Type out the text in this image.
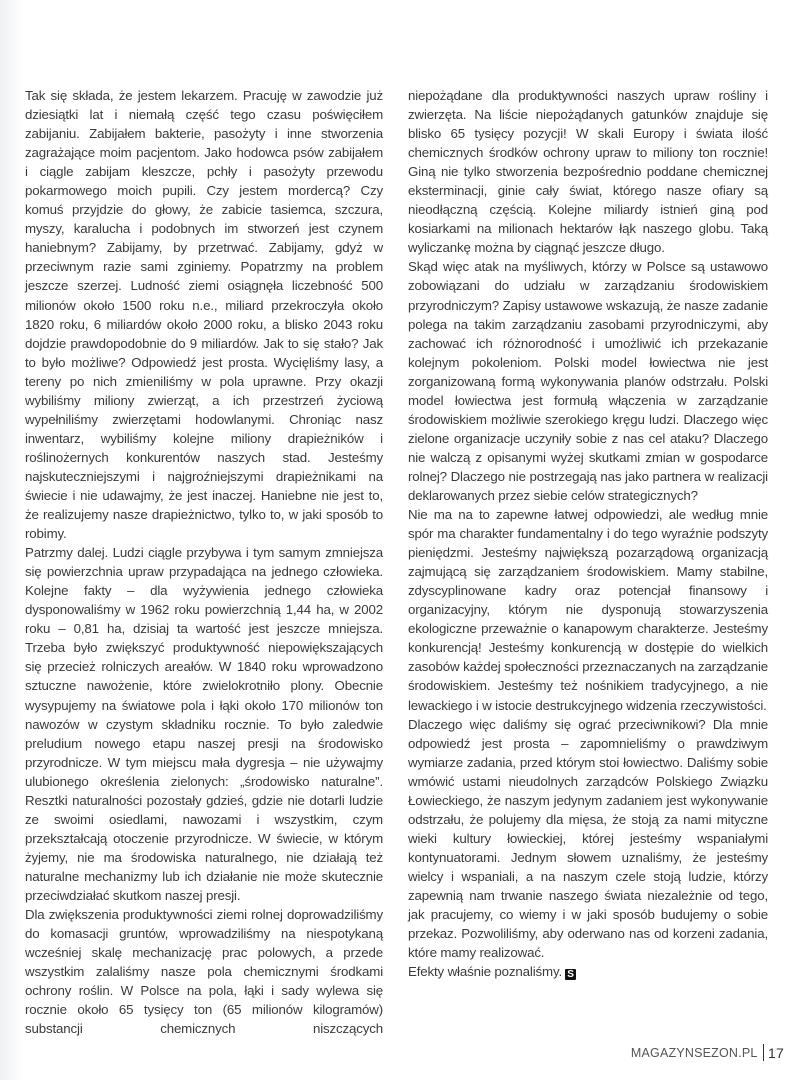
Tak się składa, że jestem lekarzem. Pracuję w zawodzie już dziesiątki lat i niemałą część tego czasu poświęciłem zabijaniu. Zabijałem bakterie, pasożyty i inne stworzenia zagrażające moim pacjentom. Jako hodowca psów zabijałem i ciągle zabijam kleszcze, pchły i pasożyty przewodu pokarmowego moich pupili. Czy jestem mordercą? Czy komuś przyjdzie do głowy, że zabicie tasiemca, szczura, myszy, karalucha i podobnych im stworzeń jest czynem haniebnym? Zabijamy, by przetrwać. Zabijamy, gdyż w przeciwnym razie sami zginiemy. Popatrzmy na problem jeszcze szerzej. Ludność ziemi osiągnęła liczebność 500 milionów około 1500 roku n.e., miliard przekroczyła około 1820 roku, 6 miliardów około 2000 roku, a blisko 2043 roku dojdzie prawdopodobnie do 9 miliardów. Jak to się stało? Jak to było możliwe? Odpowiedź jest prosta. Wycięliśmy lasy, a tereny po nich zmieniliśmy w pola uprawne. Przy okazji wybiliśmy miliony zwierząt, a ich przestrzeń życiową wypełniliśmy zwierzętami hodowlanymi. Chroniąc nasz inwentarz, wybiliśmy kolejne miliony drapieżników i roślinożernych konkurentów naszych stad. Jesteśmy najskuteczniejszymi i najgroźniejszymi drapieżnikami na świecie i nie udawajmy, że jest inaczej. Haniebne nie jest to, że realizujemy nasze drapieżnictwo, tylko to, w jaki sposób to robimy.

Patrzmy dalej. Ludzi ciągle przybywa i tym samym zmniejsza się powierzchnia upraw przypadająca na jednego człowieka. Kolejne fakty – dla wyżywienia jednego człowieka dysponowaliśmy w 1962 roku powierzchnią 1,44 ha, w 2002 roku – 0,81 ha, dzisiaj ta wartość jest jeszcze mniejsza. Trzeba było zwiększyć produktywność niepowiększających się przecież rolniczych areałów. W 1840 roku wprowadzono sztuczne nawożenie, które zwielokrotniło plony. Obecnie wysypujemy na światowe pola i łąki około 170 milionów ton nawozów w czystym składniku rocznie. To było zaledwie preludium nowego etapu naszej presji na środowisko przyrodnicze. W tym miejscu mała dygresja – nie używajmy ulubionego określenia zielonych: „środowisko naturalne”. Resztki naturalności pozostały gdzieś, gdzie nie dotarli ludzie ze swoimi osiedlami, nawozami i wszystkim, czym przekształcają otoczenie przyrodnicze. W świecie, w którym żyjemy, nie ma środowiska naturalnego, nie działają też naturalne mechanizmy lub ich działanie nie może skutecznie przeciwdziałać skutkom naszej presji.

Dla zwiększenia produktywności ziemi rolnej doprowadziliśmy do komasacji gruntów, wprowadziliśmy na niespotykaną wcześniej skalę mechanizację prac polowych, a przede wszystkim zalaliśmy nasze pola chemicznymi środkami ochrony roślin. W Polsce na pola, łąki i sady wylewa się rocznie około 65 tysięcy ton (65 milionów kilogramów) substancji chemicznych niszczących

niepożądane dla produktywności naszych upraw rośliny i zwierzęta. Na liście niepożądanych gatunków znajduje się blisko 65 tysięcy pozycji! W skali Europy i świata ilość chemicznych środków ochrony upraw to miliony ton rocznie! Giną nie tylko stworzenia bezpośrednio poddane chemicznej eksterminacji, ginie cały świat, którego nasze ofiary są nieodłączną częścią. Kolejne miliardy istnień giną pod kosiarkami na milionach hektarów łąk naszego globu. Taką wyliczankę można by ciągnąć jeszcze długo.

Skąd więc atak na myśliwych, którzy w Polsce są ustawowo zobowiązani do udziału w zarządzaniu środowiskiem przyrodniczym? Zapisy ustawowe wskazują, że nasze zadanie polega na takim zarządzaniu zasobami przyrodniczymi, aby zachować ich różnorodność i umożliwić ich przekazanie kolejnym pokoleniom. Polski model łowiectwa nie jest zorganizowaną formą wykonywania planów odstrzału. Polski model łowiectwa jest formułą włączenia w zarządzanie środowiskiem możliwie szerokiego kręgu ludzi. Dlaczego więc zielone organizacje uczyniły sobie z nas cel ataku? Dlaczego nie walczą z opisanymi wyżej skutkami zmian w gospodarce rolnej? Dlaczego nie postrzegają nas jako partnera w realizacji deklarowanych przez siebie celów strategicznych?

Nie ma na to zapewne łatwej odpowiedzi, ale według mnie spór ma charakter fundamentalny i do tego wyraźnie podszyty pieniędzmi. Jesteśmy największą pozarządową organizacją zajmującą się zarządzaniem środowiskiem. Mamy stabilne, zdyscyplinowane kadry oraz potencjał finansowy i organizacyjny, którym nie dysponują stowarzyszenia ekologiczne przeważnie o kanapowym charakterze. Jesteśmy konkurencją! Jesteśmy konkurencją w dostępie do wielkich zasobów każdej społeczności przeznaczanych na zarządzanie środowiskiem. Jesteśmy też nośnikiem tradycyjnego, a nie lewackiego i w istocie destrukcyjnego widzenia rzeczywistości.

Dlaczego więc daliśmy się ograć przeciwnikowi? Dla mnie odpowiedź jest prosta – zapomnieliśmy o prawdziwym wymiarze zadania, przed którym stoi łowiectwo. Daliśmy sobie wmówić ustami nieudolnych zarządców Polskiego Związku Łowieckiego, że naszym jedynym zadaniem jest wykonywanie odstrzału, że polujemy dla mięsa, że stoją za nami mityczne wieki kultury łowieckiej, której jesteśmy wspaniałymi kontynuatorami. Jednym słowem uznaliśmy, że jesteśmy wielcy i wspaniali, a na naszym czele stoją ludzie, którzy zapewnią nam trwanie naszego świata niezależnie od tego, jak pracujemy, co wiemy i w jaki sposób budujemy o sobie przekaz. Pozwoliliśmy, aby oderwano nas od korzeni zadania, które mamy realizować.

Efekty właśnie poznaliśmy. S

MAGAZYNSEZON.PL 17
